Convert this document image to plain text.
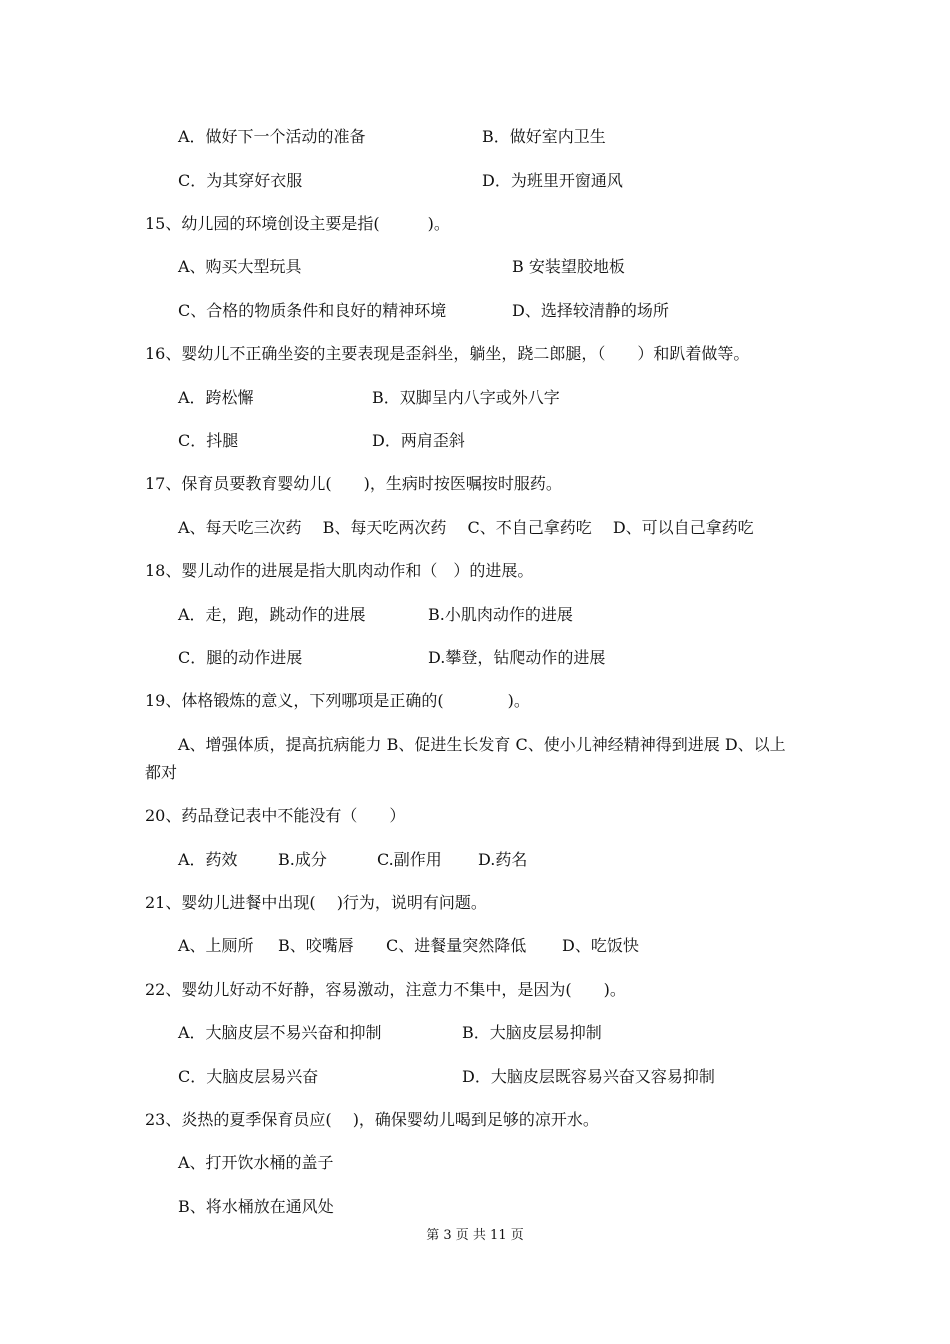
A．做好下一个活动的准备	B．做好室内卫生
C．为其穿好衣服	D．为班里开窗通风
15、幼儿园的环境创设主要是指(　　　)。
A、购买大型玩具	B 安装望胶地板
C、合格的物质条件和良好的精神环境	D、选择较清静的场所
16、婴幼儿不正确坐姿的主要表现是歪斜坐，躺坐，跷二郎腿，（　　）和趴着做等。
A．跨松懈	B．双脚呈内八字或外八字
C．抖腿	D．两肩歪斜
17、保育员要教育婴幼儿(　　)，生病时按医嘱按时服药。
A、每天吃三次药　 B、每天吃两次药　 C、不自己拿药吃　 D、可以自己拿药吃
18、婴儿动作的进展是指大肌肉动作和（　）的进展。
A．走，跑，跳动作的进展	B.小肌肉动作的进展
C．腿的动作进展	D.攀登，钻爬动作的进展
19、体格锻炼的意义，下列哪项是正确的(　　　　)。
A、增强体质，提高抗病能力 B、促进生长发育 C、使小儿神经精神得到进展 D、以上
都对
20、药品登记表中不能没有（　　）
A．药效	B.成分	C.副作用 D.药名
21、婴幼儿进餐中出现(　 )行为，说明有问题。
A、上厕所 B、咬嘴唇 C、进餐量突然降低 D、吃饭快
22、婴幼儿好动不好静，容易激动，注意力不集中，是因为(　　)。
A．大脑皮层不易兴奋和抑制	B．大脑皮层易抑制
C．大脑皮层易兴奋	D．大脑皮层既容易兴奋又容易抑制
23、炎热的夏季保育员应(　 )，确保婴幼儿喝到足够的凉开水。
A、打开饮水桶的盖子
B、将水桶放在通风处
第 3 页 共 11 页
